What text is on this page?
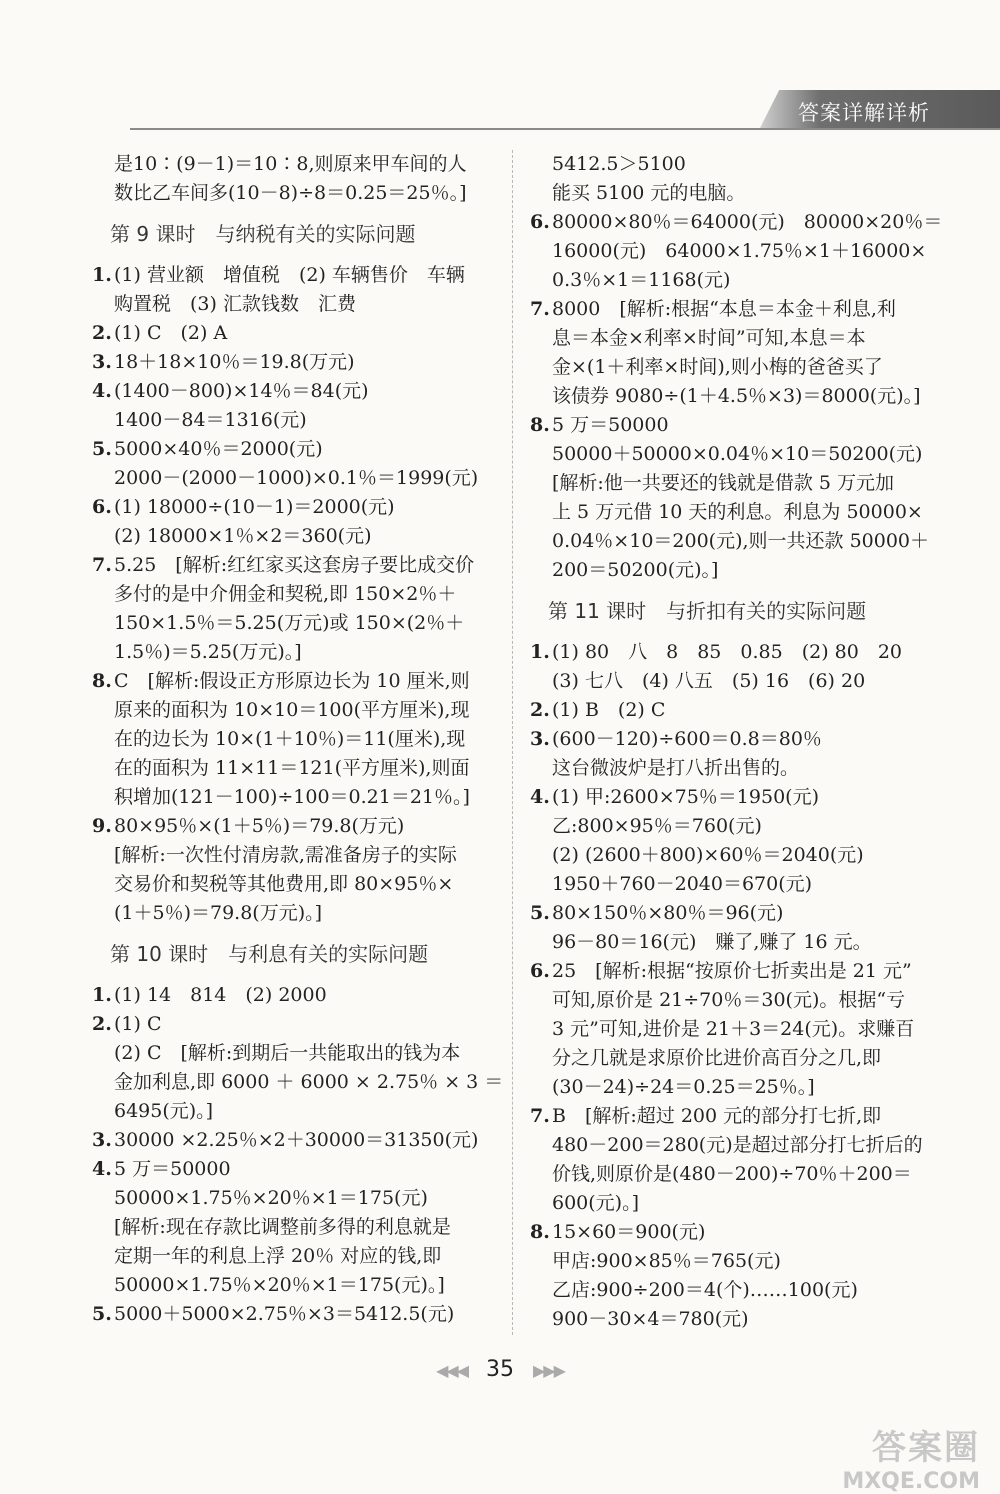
答案详解详析
是10∶(9－1)＝10∶8,则原来甲车间的人
数比乙车间多(10－8)÷8＝0.25＝25％。]
第 9 课时　与纳税有关的实际问题
1. (1) 营业额　增值税　(2) 车辆售价　车辆
购置税　(3) 汇款钱数　汇费
2. (1) C　(2) A
3. 18＋18×10％＝19.8(万元)
4. (1400－800)×14％＝84(元)
1400－84＝1316(元)
5. 5000×40％＝2000(元)
2000－(2000－1000)×0.1％＝1999(元)
6. (1) 18000÷(10－1)＝2000(元)
(2) 18000×1％×2＝360(元)
7. 5.25　[解析:红红家买这套房子要比成交价
多付的是中介佣金和契税,即 150×2％＋
150×1.5％＝5.25(万元)或 150×(2％＋
1.5％)＝5.25(万元)。]
8. C　[解析:假设正方形原边长为 10 厘米,则
原来的面积为 10×10＝100(平方厘米),现
在的边长为 10×(1＋10％)＝11(厘米),现
在的面积为 11×11＝121(平方厘米),则面
积增加(121－100)÷100＝0.21＝21％。]
9. 80×95％×(1＋5％)＝79.8(万元)
[解析:一次性付清房款,需准备房子的实际
交易价和契税等其他费用,即 80×95％×
(1＋5％)＝79.8(万元)。]
第 10 课时　与利息有关的实际问题
1. (1) 14　814　(2) 2000
2. (1) C
(2) C　[解析:到期后一共能取出的钱为本
金加利息,即 6000 ＋ 6000 × 2.75％ × 3 ＝
6495(元)。]
3. 30000 ×2.25％×2＋30000＝31350(元)
4. 5 万＝50000
50000×1.75％×20％×1＝175(元)
[解析:现在存款比调整前多得的利息就是
定期一年的利息上浮 20％ 对应的钱,即
50000×1.75％×20％×1＝175(元)。]
5. 5000＋5000×2.75％×3＝5412.5(元)
5412.5＞5100
能买 5100 元的电脑。
6. 80000×80％＝64000(元)　80000×20％＝
16000(元)　64000×1.75％×1＋16000×
0.3％×1＝1168(元)
7. 8000　[解析:根据“本息＝本金＋利息,利
息＝本金×利率×时间”可知,本息＝本
金×(1＋利率×时间),则小梅的爸爸买了
该债券 9080÷(1＋4.5％×3)＝8000(元)。]
8. 5 万＝50000
50000＋50000×0.04％×10＝50200(元)
[解析:他一共要还的钱就是借款 5 万元加
上 5 万元借 10 天的利息。利息为 50000×
0.04％×10＝200(元),则一共还款 50000＋
200＝50200(元)。]
第 11 课时　与折扣有关的实际问题
1. (1) 80　八　8　85　0.85　(2) 80　20
(3) 七八　(4) 八五　(5) 16　(6) 20
2. (1) B　(2) C
3. (600－120)÷600＝0.8＝80％
这台微波炉是打八折出售的。
4. (1) 甲:2600×75％＝1950(元)
乙:800×95％＝760(元)
(2) (2600＋800)×60％＝2040(元)
1950＋760－2040＝670(元)
5. 80×150％×80％＝96(元)
96－80＝16(元)　赚了,赚了 16 元。
6. 25　[解析:根据“按原价七折卖出是 21 元”
可知,原价是 21÷70％＝30(元)。根据“亏
3 元”可知,进价是 21＋3＝24(元)。求赚百
分之几就是求原价比进价高百分之几,即
(30－24)÷24＝0.25＝25％。]
7. B　[解析:超过 200 元的部分打七折,即
480－200＝280(元)是超过部分打七折后的
价钱,则原价是(480－200)÷70％＋200＝
600(元)。]
8. 15×60＝900(元)
甲店:900×85％＝765(元)
乙店:900÷200＝4(个)……100(元)
900－30×4＝780(元)
◀◀◀ 35 ▶▶▶
答案圈
MXQE.COM
